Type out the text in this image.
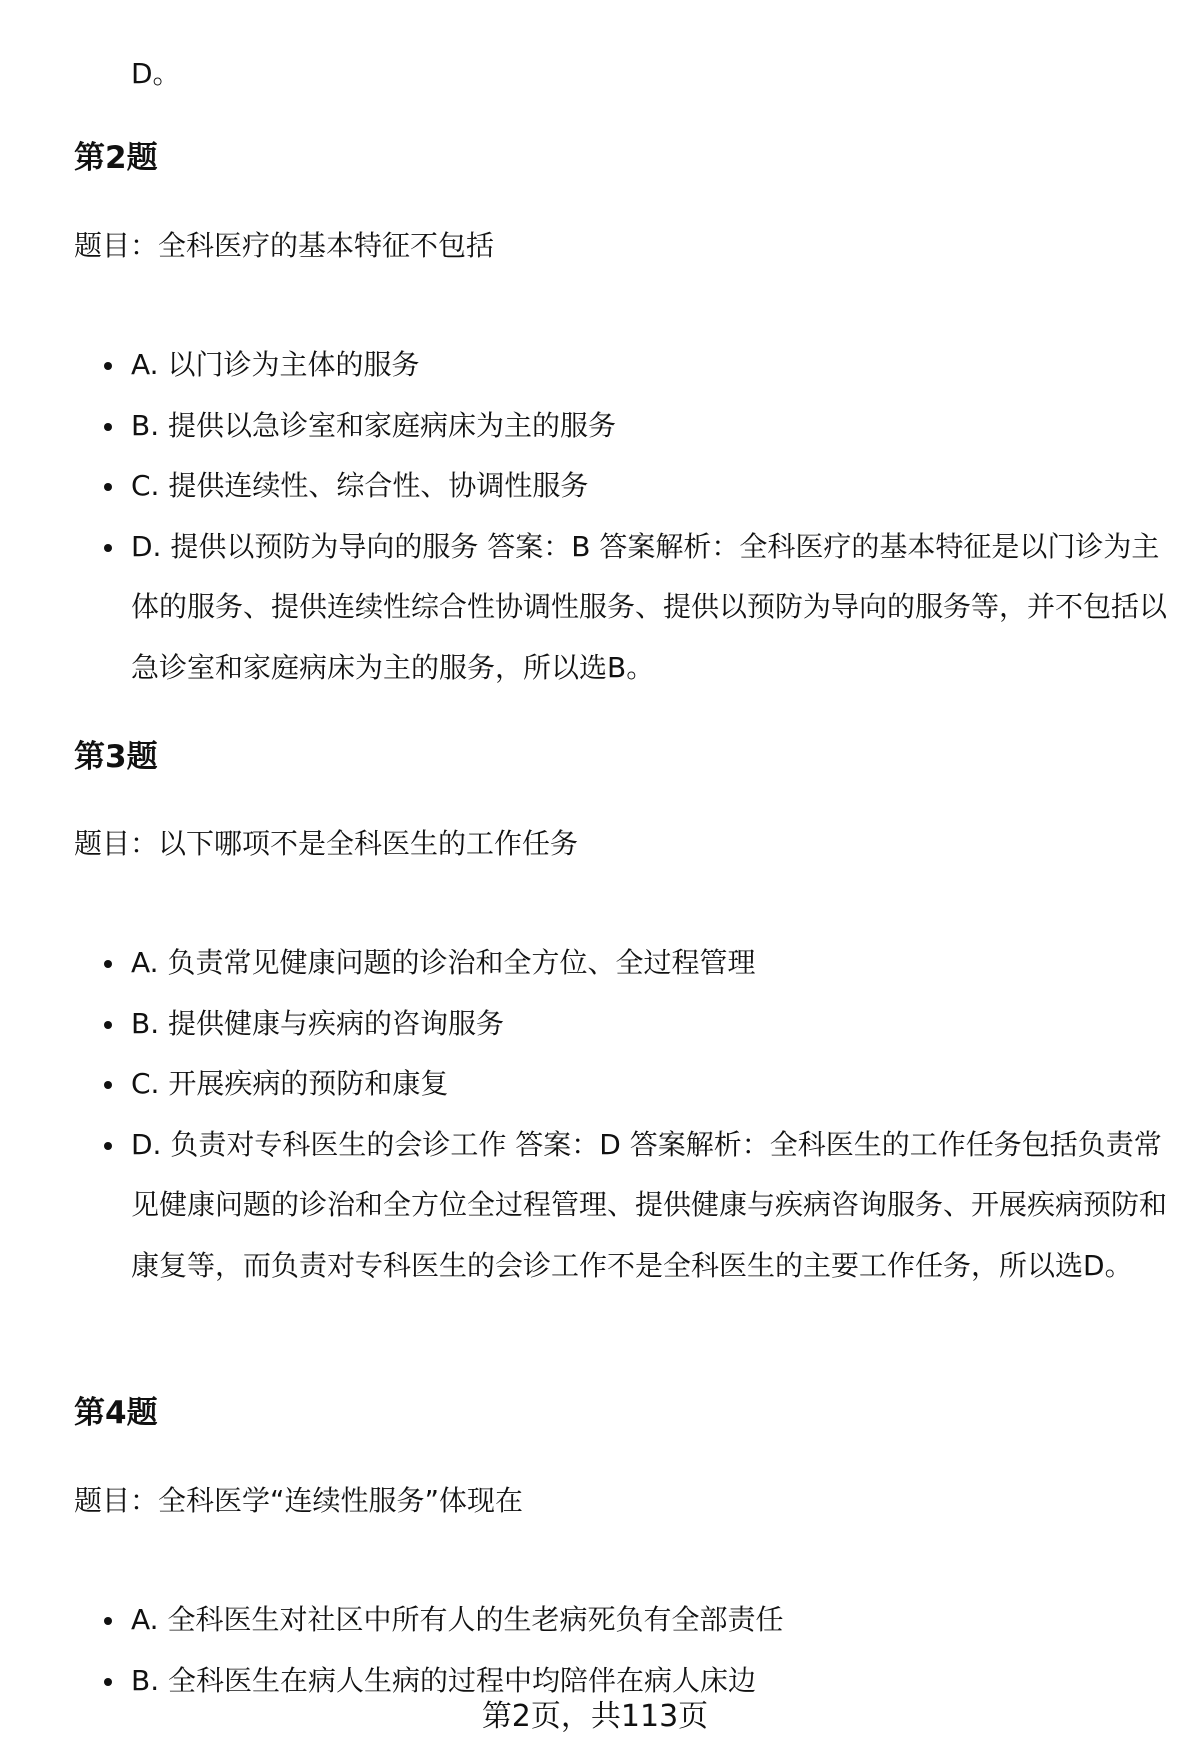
D。
第2题
题目：全科医疗的基本特征不包括
A. 以门诊为主体的服务
B. 提供以急诊室和家庭病床为主的服务
C. 提供连续性、综合性、协调性服务
D. 提供以预防为导向的服务 答案：B 答案解析：全科医疗的基本特征是以门诊为主体的服务、提供连续性综合性协调性服务、提供以预防为导向的服务等，并不包括以急诊室和家庭病床为主的服务，所以选B。
第3题
题目：以下哪项不是全科医生的工作任务
A. 负责常见健康问题的诊治和全方位、全过程管理
B. 提供健康与疾病的咨询服务
C. 开展疾病的预防和康复
D. 负责对专科医生的会诊工作 答案：D 答案解析：全科医生的工作任务包括负责常见健康问题的诊治和全方位全过程管理、提供健康与疾病咨询服务、开展疾病预防和康复等，而负责对专科医生的会诊工作不是全科医生的主要工作任务，所以选D。
第4题
题目：全科医学“连续性服务”体现在
A. 全科医生对社区中所有人的生老病死负有全部责任
B. 全科医生在病人生病的过程中均陪伴在病人床边
第2页，共113页
